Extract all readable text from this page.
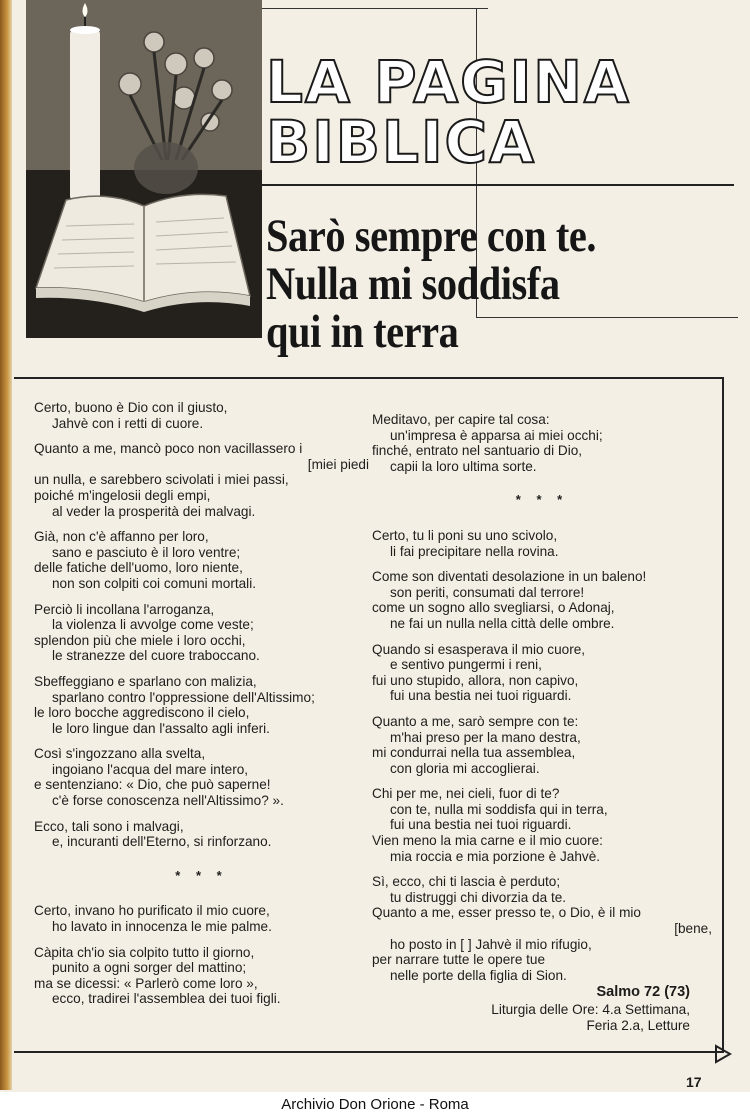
LA PAGINA
BIBLICA
Sarò sempre con te.
Nulla mi soddisfa
qui in terra

Certo, buono è Dio con il giusto,
Jahvè con i retti di cuore.

Quanto a me, mancò poco non vacillassero i
[miei piedi
un nulla, e sarebbero scivolati i miei passi,
poiché m'ingelosii degli empi,
al veder la prosperità dei malvagi.

Già, non c'è affanno per loro,
sano e pasciuto è il loro ventre;
delle fatiche dell'uomo, loro niente,
non son colpiti coi comuni mortali.

Perciò li incollana l'arroganza,
la violenza li avvolge come veste;
splendon più che miele i loro occhi,
le stranezze del cuore traboccano.

Sbeffeggiano e sparlano con malizia,
sparlano contro l'oppressione dell'Altissimo;
le loro bocche aggrediscono il cielo,
le loro lingue dan l'assalto agli inferi.

Così s'ingozzano alla svelta,
ingoiano l'acqua del mare intero,
e sentenziano: « Dio, che può saperne!
c'è forse conoscenza nell'Altissimo? ».

Ecco, tali sono i malvagi,
e, incuranti dell'Eterno, si rinforzano.

* * *

Certo, invano ho purificato il mio cuore,
ho lavato in innocenza le mie palme.

Càpita ch'io sia colpito tutto il giorno,
punito a ogni sorger del mattino;
ma se dicessi: « Parlerò come loro »,
ecco, tradirei l'assemblea dei tuoi figli.

Meditavo, per capire tal cosa:
un'impresa è apparsa ai miei occhi;
finché, entrato nel santuario di Dio,
capii la loro ultima sorte.

* * *

Certo, tu li poni su uno scivolo,
li fai precipitare nella rovina.

Come son diventati desolazione in un baleno!
son periti, consumati dal terrore!
come un sogno allo svegliarsi, o Adonaj,
ne fai un nulla nella città delle ombre.

Quando si esasperava il mio cuore,
e sentivo pungermi i reni,
fui uno stupido, allora, non capivo,
fui una bestia nei tuoi riguardi.

Quanto a me, sarò sempre con te:
m'hai preso per la mano destra,
mi condurrai nella tua assemblea,
con gloria mi accoglierai.

Chi per me, nei cieli, fuor di te?
con te, nulla mi soddisfa qui in terra,
fui una bestia nei tuoi riguardi.
Vien meno la mia carne e il mio cuore:
mia roccia e mia porzione è Jahvè.

Sì, ecco, chi ti lascia è perduto;
tu distruggi chi divorzia da te.
Quanto a me, esser presso te, o Dio, è il mio
[bene,
ho posto in [ ] Jahvè il mio rifugio,
per narrare tutte le opere tue
nelle porte della figlia di Sion.

Salmo 72 (73)
Liturgia delle Ore: 4.a Settimana,
Feria 2.a, Letture
17
Archivio Don Orione - Roma
